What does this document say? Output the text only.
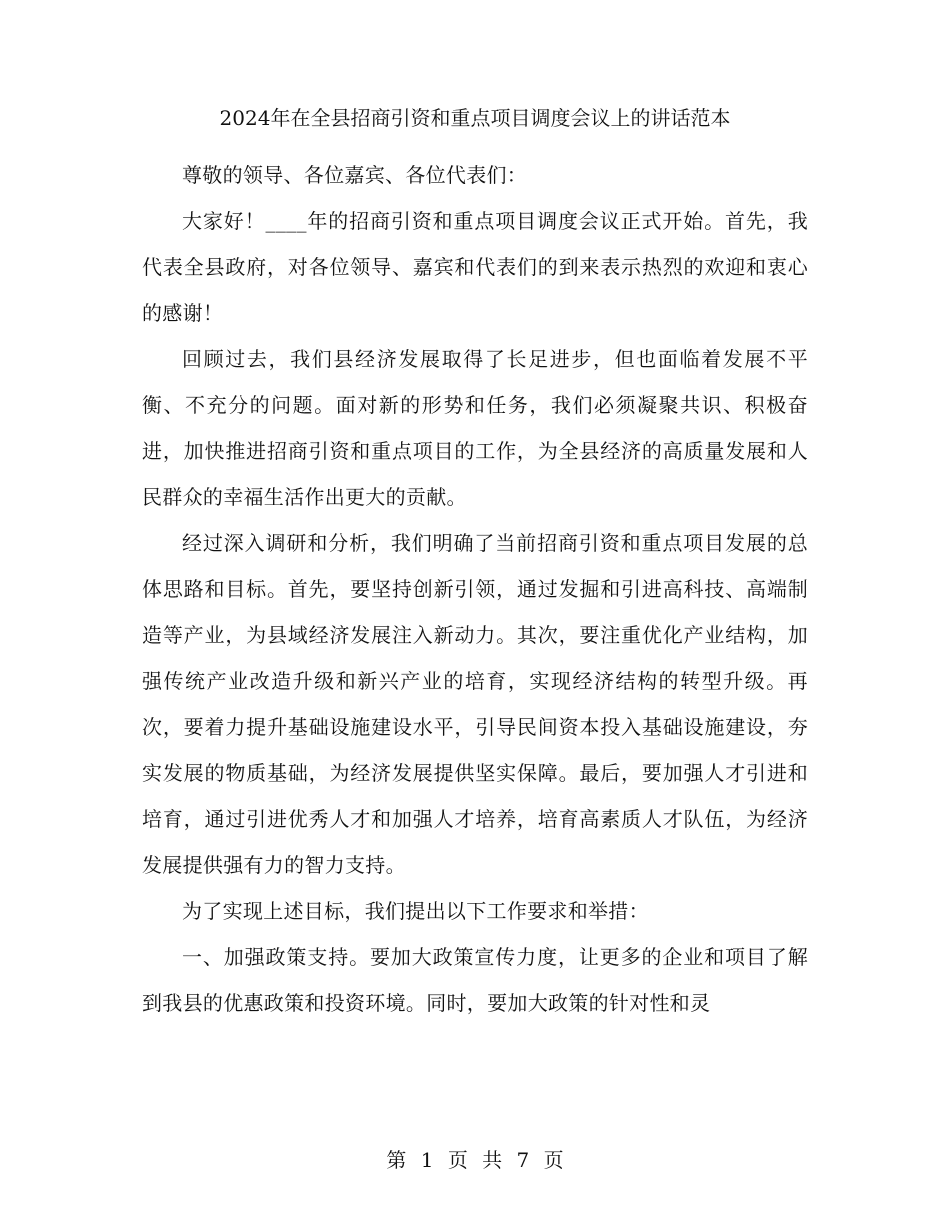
2024年在全县招商引资和重点项目调度会议上的讲话范本

尊敬的领导、各位嘉宾、各位代表们：

大家好！____年的招商引资和重点项目调度会议正式开始。首先，我代表全县政府，对各位领导、嘉宾和代表们的到来表示热烈的欢迎和衷心的感谢！

回顾过去，我们县经济发展取得了长足进步，但也面临着发展不平衡、不充分的问题。面对新的形势和任务，我们必须凝聚共识、积极奋进，加快推进招商引资和重点项目的工作，为全县经济的高质量发展和人民群众的幸福生活作出更大的贡献。

经过深入调研和分析，我们明确了当前招商引资和重点项目发展的总体思路和目标。首先，要坚持创新引领，通过发掘和引进高科技、高端制造等产业，为县域经济发展注入新动力。其次，要注重优化产业结构，加强传统产业改造升级和新兴产业的培育，实现经济结构的转型升级。再次，要着力提升基础设施建设水平，引导民间资本投入基础设施建设，夯实发展的物质基础，为经济发展提供坚实保障。最后，要加强人才引进和培育，通过引进优秀人才和加强人才培养，培育高素质人才队伍，为经济发展提供强有力的智力支持。

为了实现上述目标，我们提出以下工作要求和举措：

一、加强政策支持。要加大政策宣传力度，让更多的企业和项目了解到我县的优惠政策和投资环境。同时，要加大政策的针对性和灵

第 1 页 共 7 页
